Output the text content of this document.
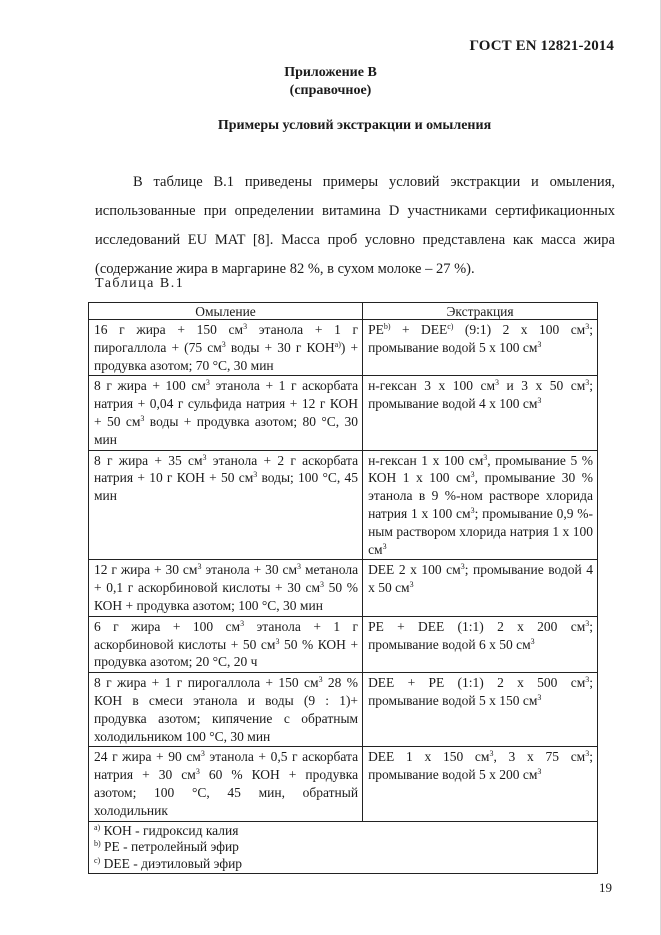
ГОСТ EN 12821-2014
Приложение В
(справочное)
Примеры условий экстракции и омыления

В таблице В.1 приведены примеры условий экстракции и омыления, использованные при определении витамина D участниками сертификационных исследований EU MAT [8]. Масса проб условно представлена как масса жира (содержание жира в маргарине 82 %, в сухом молоке – 27 %).

Таблица В.1
Омыление	Экстракция
16 г жира + 150 $см^3$ этанола + 1 г пирогаллола + (75 $см^3$ воды + 30 г $КОН^{a)}$) + продувка азотом; 70 °C, 30 мин	$PE^{b)} + DEE^{c)}$ (9:1) 2 x 100 $см^3$; промывание водой 5 x 100 $см^3$
8 г жира + 100 $см^3$ этанола + 1 г аскорбата натрия + 0,04 г сульфида натрия + 12 г КОН + 50 $см^3$ воды + продувка азотом; 80 °C, 30 мин	н-гексан 3 x 100 $см^3$ и 3 x 50 $см^3$; промывание водой 4 x 100 $см^3$
8 г жира + 35 $см^3$ этанола + 2 г аскорбата натрия + 10 г КОН + 50 $см^3$ воды; 100 °C, 45 мин	н-гексан 1 x 100 $см^3$, промывание 5 % КОН 1 x 100 $см^3$, промывание 30 % этанола в 9 %-ном растворе хлорида натрия 1 x 100 $см^3$; промывание 0,9 %-ным раствором хлорида натрия 1 x 100 $см^3$
12 г жира + 30 $см^3$ этанола + 30 $см^3$ метанола + 0,1 г аскорбиновой кислоты + 30 $см^3$ 50 % КОН + продувка азотом; 100 °C, 30 мин	DEE 2 x 100 $см^3$; промывание водой 4 x 50 $см^3$
6 г жира + 100 $см^3$ этанола + 1 г аскорбиновой кислоты + 50 $см^3$ 50 % КОН + продувка азотом; 20 °C, 20 ч	PE + DEE (1:1) 2 x 200 $см^3$; промывание водой 6 x 50 $см^3$
8 г жира + 1 г пирогаллола + 150 $см^3$ 28 % КОН в смеси этанола и воды (9 : 1)+ продувка азотом; кипячение с обратным холодильником 100 °C, 30 мин	DEE + PE (1:1) 2 x 500 $см^3$; промывание водой 5 x 150 $см^3$
24 г жира + 90 $см^3$ этанола + 0,5 г аскорбата натрия + 30 $см^3$ 60 % КОН + продувка азотом; 100 °C, 45 мин, обратный холодильник	DEE 1 x 150 $см^3$, 3 x 75 $см^3$; промывание водой 5 x 200 $см^3$

$^{a)}$ КОН - гидроксид калия
$^{b)}$ PE - петролейный эфир
$^{c)}$ DEE - диэтиловый эфир	
19
